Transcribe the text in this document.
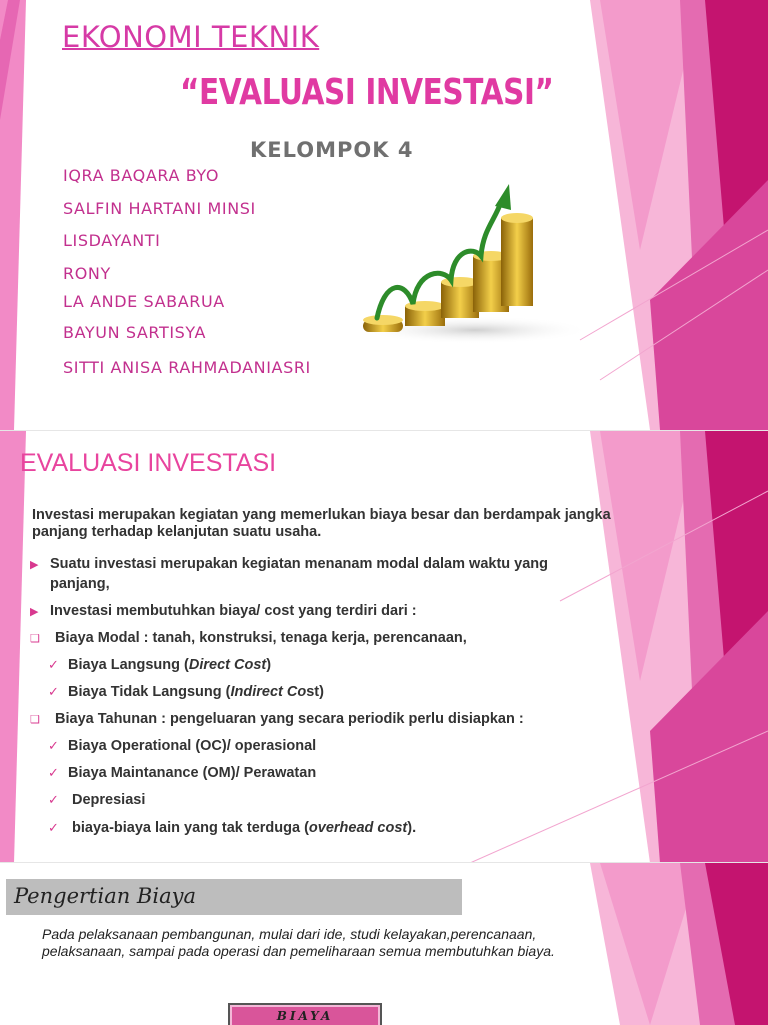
EKONOMI TEKNIK
“EVALUASI INVESTASI”
KELOMPOK 4
IQRA BAQARA BYO
SALFIN HARTANI MINSI
LISDAYANTI
RONY
LA ANDE SABARUA
BAYUN SARTISYA
SITTI ANISA RAHMADANIASRI
EVALUASI INVESTASI
Investasi merupakan kegiatan yang memerlukan biaya besar dan berdampak jangka panjang terhadap kelanjutan suatu usaha.
▶ Suatu investasi merupakan kegiatan menanam modal dalam waktu yang
panjang,
▶ Investasi membutuhkan biaya/ cost yang terdiri dari :
❑ Biaya Modal : tanah, konstruksi, tenaga kerja, perencanaan,
✓ Biaya Langsung (Direct Cost)
✓ Biaya Tidak Langsung (Indirect Cost)
❑ Biaya Tahunan : pengeluaran yang secara periodik perlu disiapkan :
✓ Biaya Operational (OC)/ operasional
✓ Biaya Maintanance (OM)/ Perawatan
✓ Depresiasi
✓ biaya-biaya lain yang tak terduga (overhead cost).
Pengertian Biaya
Pada pelaksanaan pembangunan, mulai dari ide, studi kelayakan,perencanaan, pelaksanaan, sampai pada operasi dan pemeliharaan semua membutuhkan biaya.
BIAYA
